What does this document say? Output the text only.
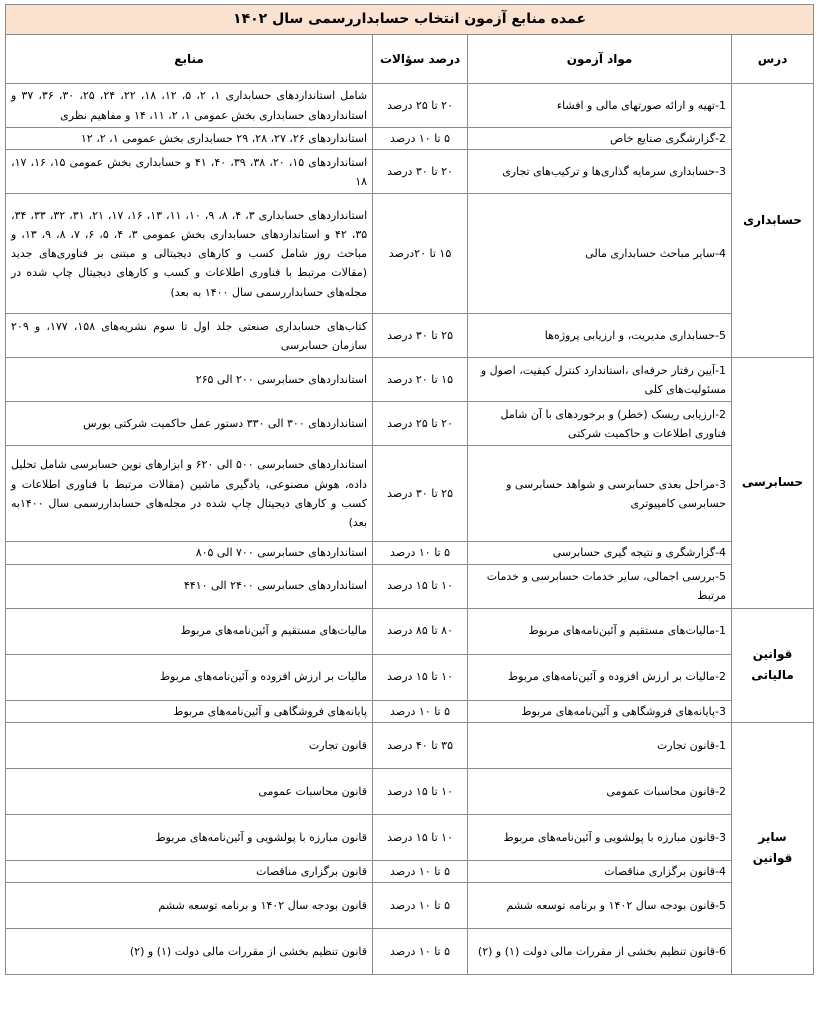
عمده منابع آزمون انتخاب حسابداررسمی سال ۱۴۰۲			
درس	مواد آزمون	درصد سؤالات	منابع
حسابداری	1-تهیه و ارائه صورتهای مالی و افشاء	۲۰ تا ۲۵ درصد	شامل استانداردهای حسابداری ۱، ۲، ۵، ۱۲، ۱۸، ۲۲، ۲۴، ۲۵، ۳۰، ۳۶، ۳۷ و استانداردهای حسابداری بخش عمومی ۱، ۲، ۱۱، ۱۴ و مفاهیم نظری
	2-گزارشگری صنایع خاص	۵ تا ۱۰ درصد	استانداردهای ۲۶، ۲۷، ۲۸، ۲۹ حسابداری بخش عمومی ۱، ۲، ۱۲
	3-حسابداری سرمایه گذاری‌ها و ترکیب‌های تجاری	۲۰ تا ۳۰ درصد	استانداردهای ۱۵، ۲۰، ۳۸، ۳۹، ۴۰، ۴۱ و حسابداری بخش عمومی ۱۵، ۱۶، ۱۷، ۱۸
	4-سایر مباحث حسابداری مالی	۱۵ تا ۲۰درصد	استانداردهای حسابداری ۳، ۴، ۸، ۹، ۱۰، ۱۱، ۱۳، ۱۶، ۱۷، ۲۱، ۳۱، ۳۲، ۳۳، ۳۴، ۳۵، ۴۲ و استانداردهای حسابداری بخش عمومی ۳، ۴، ۵، ۶، ۷، ۸، ۹، ۱۳، و مباحث روز شامل کسب و کارهای دیجیتالی و مبتنی بر فناوری‌های جدید (مقالات مرتبط با فناوری اطلاعات و کسب و کارهای دیجیتال چاپ شده در مجله‌های حسابداررسمی سال ۱۴۰۰ به بعد)
	5-حسابداری مدیریت، و ارزیابی پروژه‌ها	۲۵ تا ۳۰ درصد	کتاب‌های حسابداری صنعتی جلد اول تا سوم نشریه‌های ۱۵۸، ۱۷۷، و ۲۰۹ سازمان حسابرسی
حسابرسی	1-آیین رفتار حرفه‌ای ،استاندارد کنترل کیفیت، اصول و مسئولیت‌های کلی	۱۵ تا ۲۰ درصد	استانداردهای حسابرسی ۲۰۰ الی ۲۶۵
	2-ارزیابی ریسک (خطر) و برخوردهای با آن شامل فناوری اطلاعات و حاکمیت شرکتی	۲۰ تا ۲۵ درصد	استانداردهای ۳۰۰ الی ۳۳۰ دستور عمل حاکمیت شرکتی بورس
	3-مراحل بعدی حسابرسی و شواهد حسابرسی و حسابرسی کامپیوتری	۲۵ تا ۳۰ درصد	استانداردهای حسابرسی ۵۰۰ الی ۶۲۰ و ابزارهای نوین حسابرسی شامل تحلیل داده، هوش مصنوعی، یادگیری ماشین (مقالات مرتبط با فناوری اطلاعات و کسب و کارهای دیجیتال چاپ شده در مجله‌های حسابداررسمی سال ۱۴۰۰به بعد)
	4-گزارشگری و نتیجه گیری حسابرسی	۵ تا ۱۰ درصد	استانداردهای حسابرسی ۷۰۰ الی ۸۰۵
	5-بررسی اجمالی، سایر خدمات حسابرسی و خدمات مرتبط	۱۰ تا ۱۵ درصد	استانداردهای حسابرسی ۲۴۰۰ الی ۴۴۱۰
قوانین مالیاتی	1-مالیات‌های مستقیم و آئین‌نامه‌های مربوط	۸۰ تا ۸۵ درصد	مالیات‌های مستقیم و آئین‌نامه‌های مربوط
	2-مالیات بر ارزش افزوده و آئین‌نامه‌های مربوط	۱۰ تا ۱۵ درصد	مالیات بر ارزش افزوده و آئین‌نامه‌های مربوط
	3-پایانه‌های فروشگاهی و آئین‌نامه‌های مربوط	۵ تا ۱۰ درصد	پایانه‌های فروشگاهی و آئین‌نامه‌های مربوط
سایر قوانین	1-قانون تجارت	۳۵ تا ۴۰ درصد	قانون تجارت
	2-قانون محاسبات عمومی	۱۰ تا ۱۵ درصد	قانون محاسبات عمومی
	3-قانون مبارزه با پولشویی و آئین‌نامه‌های مربوط	۱۰ تا ۱۵ درصد	قانون مبارزه با پولشویی و آئین‌نامه‌های مربوط
	4-قانون برگزاری مناقصات	۵ تا ۱۰ درصد	قانون برگزاری مناقصات
	5-قانون بودجه سال ۱۴۰۲ و برنامه توسعه ششم	۵ تا ۱۰ درصد	قانون بودجه سال ۱۴۰۲ و برنامه توسعه ششم
	6-قانون تنظیم بخشی از مقررات مالی دولت (۱) و (۲)	۵ تا ۱۰ درصد	قانون تنظیم بخشی از مقررات مالی دولت (۱) و (۲)
